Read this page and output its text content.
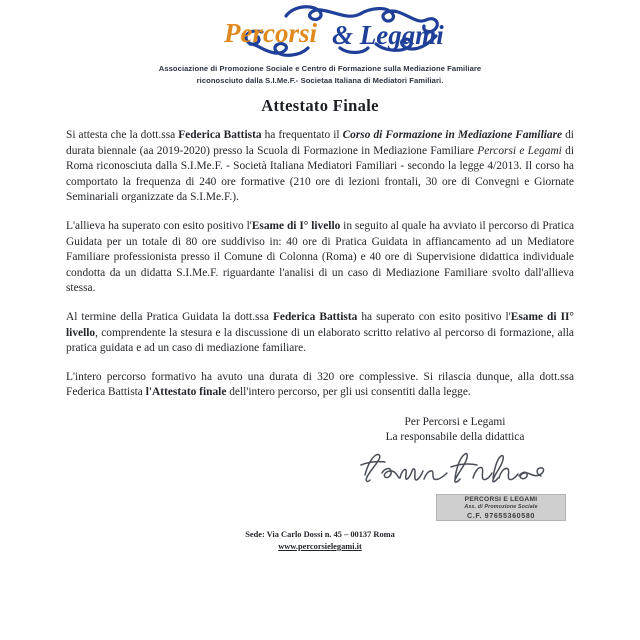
Percorsi & Legami
Associazione di Promozione Sociale e Centro di Formazione sulla Mediazione Familiare
riconosciuto dalla S.I.Me.F.- Societaa Italiana di Mediatori Familiari.
Attestato Finale

Si attesta che la dott.ssa Federica Battista ha frequentato il Corso di Formazione in Mediazione Familiare di durata biennale (aa 2019-2020) presso la Scuola di Formazione in Mediazione Familiare Percorsi e Legami di Roma riconosciuta dalla S.I.Me.F. - Società Italiana Mediatori Familiari - secondo la legge 4/2013. Il corso ha comportato la frequenza di 240 ore formative (210 ore di lezioni frontali, 30 ore di Convegni e Giornate Seminariali organizzate da S.I.Me.F.).

L'allieva ha superato con esito positivo l'Esame di I° livello in seguito al quale ha avviato il percorso di Pratica Guidata per un totale di 80 ore suddiviso in: 40 ore di Pratica Guidata in affiancamento ad un Mediatore Familiare professionista presso il Comune di Colonna (Roma) e 40 ore di Supervisione didattica individuale condotta da un didatta S.I.Me.F. riguardante l'analisi di un caso di Mediazione Familiare svolto dall'allieva stessa.

Al termine della Pratica Guidata la dott.ssa Federica Battista ha superato con esito positivo l'Esame di II° livello, comprendente la stesura e la discussione di un elaborato scritto relativo al percorso di formazione, alla pratica guidata e ad un caso di mediazione familiare.

L'intero percorso formativo ha avuto una durata di 320 ore complessive. Si rilascia dunque, alla dott.ssa Federica Battista l'Attestato finale dell'intero percorso, per gli usi consentiti dalla legge.

Per Percorsi e Legami
La responsabile della didattica
PERCORSI E LEGAMI
Ass. di Promozione Sociale
C.F. 97655360580
Sede: Via Carlo Dossi n. 45 – 00137 Roma
www.percorsielegami.it
